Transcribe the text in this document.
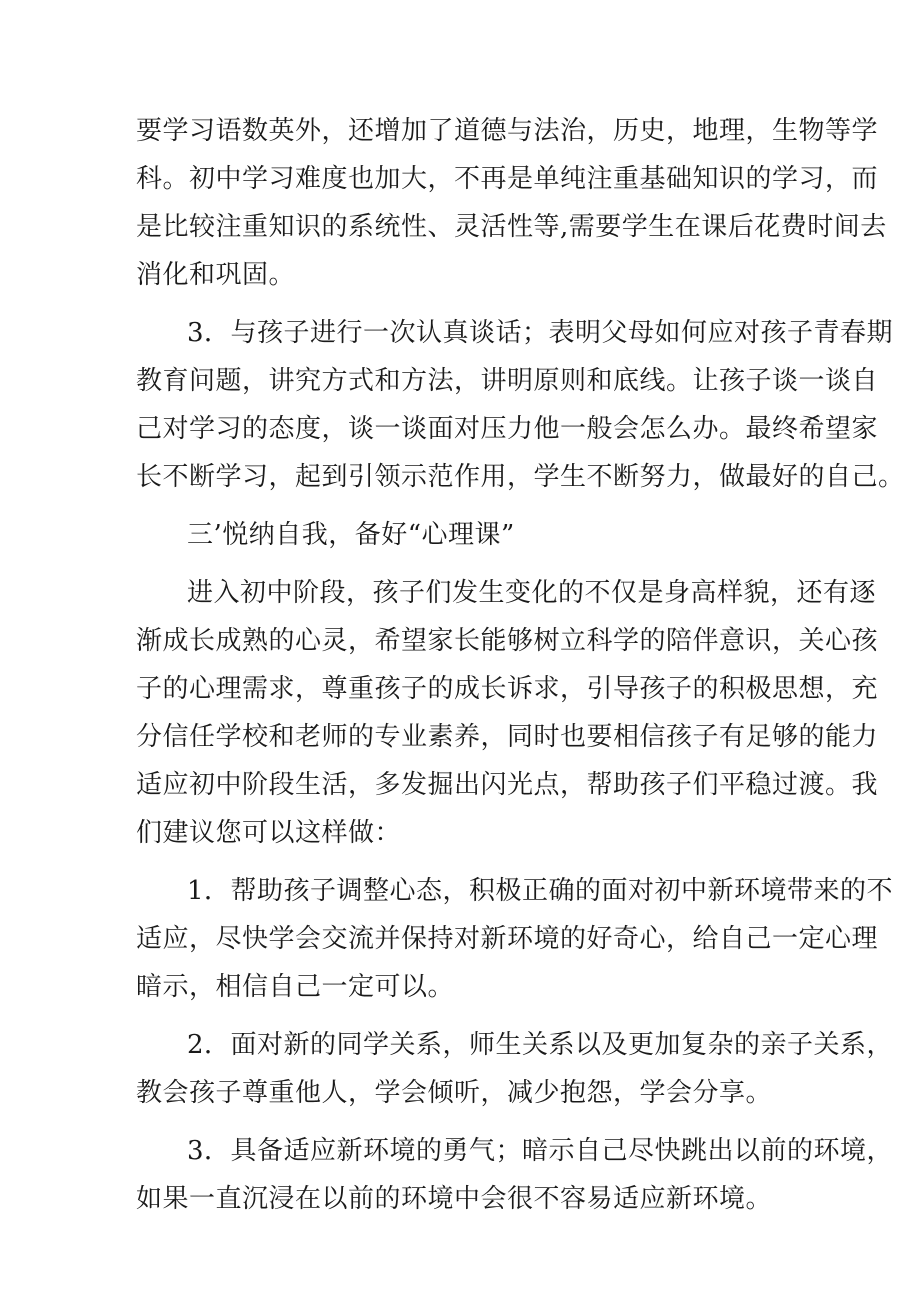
要学习语数英外，还增加了道德与法治，历史，地理，生物等学
科。初中学习难度也加大，不再是单纯注重基础知识的学习，而
是比较注重知识的系统性、灵活性等,需要学生在课后花费时间去
消化和巩固。

3．与孩子进行一次认真谈话；表明父母如何应对孩子青春期
教育问题，讲究方式和方法，讲明原则和底线。让孩子谈一谈自
己对学习的态度，谈一谈面对压力他一般会怎么办。最终希望家
长不断学习，起到引领示范作用，学生不断努力，做最好的自己。

三’悦纳自我，备好“心理课”

进入初中阶段，孩子们发生变化的不仅是身高样貌，还有逐
渐成长成熟的心灵，希望家长能够树立科学的陪伴意识，关心孩
子的心理需求，尊重孩子的成长诉求，引导孩子的积极思想，充
分信任学校和老师的专业素养，同时也要相信孩子有足够的能力
适应初中阶段生活，多发掘出闪光点，帮助孩子们平稳过渡。我
们建议您可以这样做：

1．帮助孩子调整心态，积极正确的面对初中新环境带来的不
适应，尽快学会交流并保持对新环境的好奇心，给自己一定心理
暗示，相信自己一定可以。

2．面对新的同学关系，师生关系以及更加复杂的亲子关系，
教会孩子尊重他人，学会倾听，减少抱怨，学会分享。

3．具备适应新环境的勇气；暗示自己尽快跳出以前的环境，
如果一直沉浸在以前的环境中会很不容易适应新环境。
